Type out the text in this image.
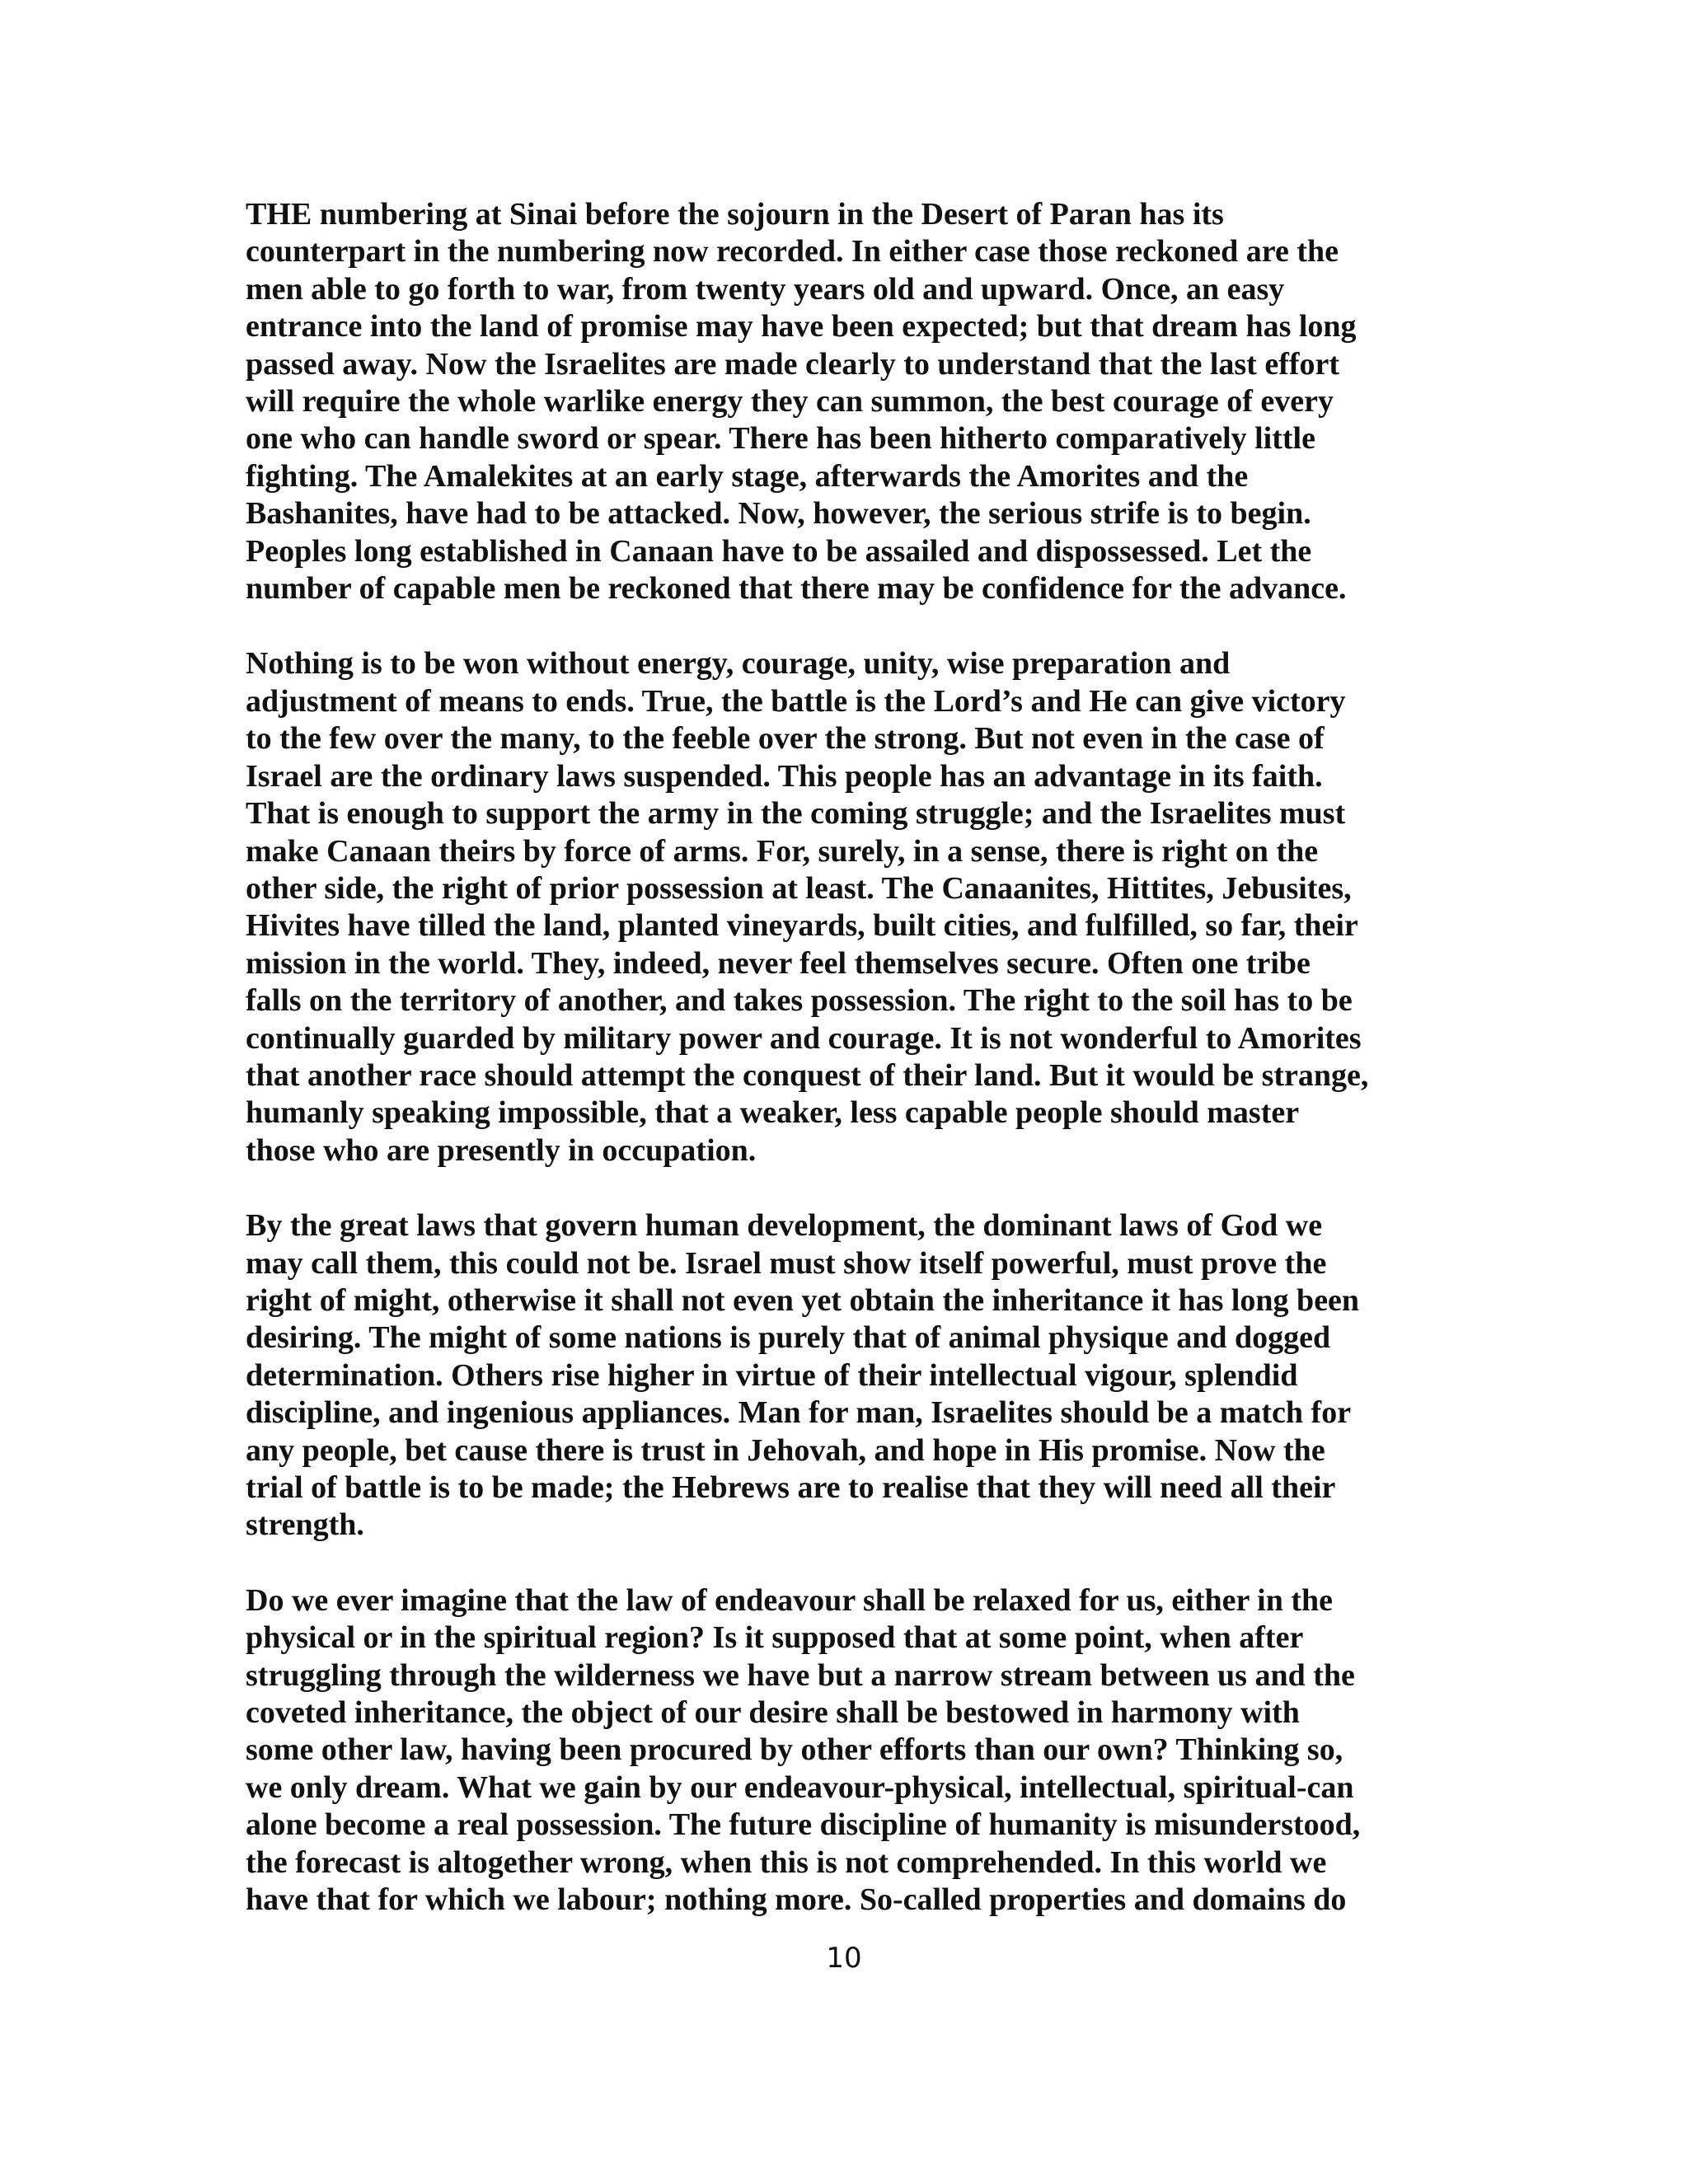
THE numbering at Sinai before the sojourn in the Desert of Paran has its
counterpart in the numbering now recorded. In either case those reckoned are the
men able to go forth to war, from twenty years old and upward. Once, an easy
entrance into the land of promise may have been expected; but that dream has long
passed away. Now the Israelites are made clearly to understand that the last effort
will require the whole warlike energy they can summon, the best courage of every
one who can handle sword or spear. There has been hitherto comparatively little
fighting. The Amalekites at an early stage, afterwards the Amorites and the
Bashanites, have had to be attacked. Now, however, the serious strife is to begin.
Peoples long established in Canaan have to be assailed and dispossessed. Let the
number of capable men be reckoned that there may be confidence for the advance.

Nothing is to be won without energy, courage, unity, wise preparation and
adjustment of means to ends. True, the battle is the Lord’s and He can give victory
to the few over the many, to the feeble over the strong. But not even in the case of
Israel are the ordinary laws suspended. This people has an advantage in its faith.
That is enough to support the army in the coming struggle; and the Israelites must
make Canaan theirs by force of arms. For, surely, in a sense, there is right on the
other side, the right of prior possession at least. The Canaanites, Hittites, Jebusites,
Hivites have tilled the land, planted vineyards, built cities, and fulfilled, so far, their
mission in the world. They, indeed, never feel themselves secure. Often one tribe
falls on the territory of another, and takes possession. The right to the soil has to be
continually guarded by military power and courage. It is not wonderful to Amorites
that another race should attempt the conquest of their land. But it would be strange,
humanly speaking impossible, that a weaker, less capable people should master
those who are presently in occupation.

By the great laws that govern human development, the dominant laws of God we
may call them, this could not be. Israel must show itself powerful, must prove the
right of might, otherwise it shall not even yet obtain the inheritance it has long been
desiring. The might of some nations is purely that of animal physique and dogged
determination. Others rise higher in virtue of their intellectual vigour, splendid
discipline, and ingenious appliances. Man for man, Israelites should be a match for
any people, bet cause there is trust in Jehovah, and hope in His promise. Now the
trial of battle is to be made; the Hebrews are to realise that they will need all their
strength.

Do we ever imagine that the law of endeavour shall be relaxed for us, either in the
physical or in the spiritual region? Is it supposed that at some point, when after
struggling through the wilderness we have but a narrow stream between us and the
coveted inheritance, the object of our desire shall be bestowed in harmony with
some other law, having been procured by other efforts than our own? Thinking so,
we only dream. What we gain by our endeavour-physical, intellectual, spiritual-can
alone become a real possession. The future discipline of humanity is misunderstood,
the forecast is altogether wrong, when this is not comprehended. In this world we
have that for which we labour; nothing more. So-called properties and domains do

10
